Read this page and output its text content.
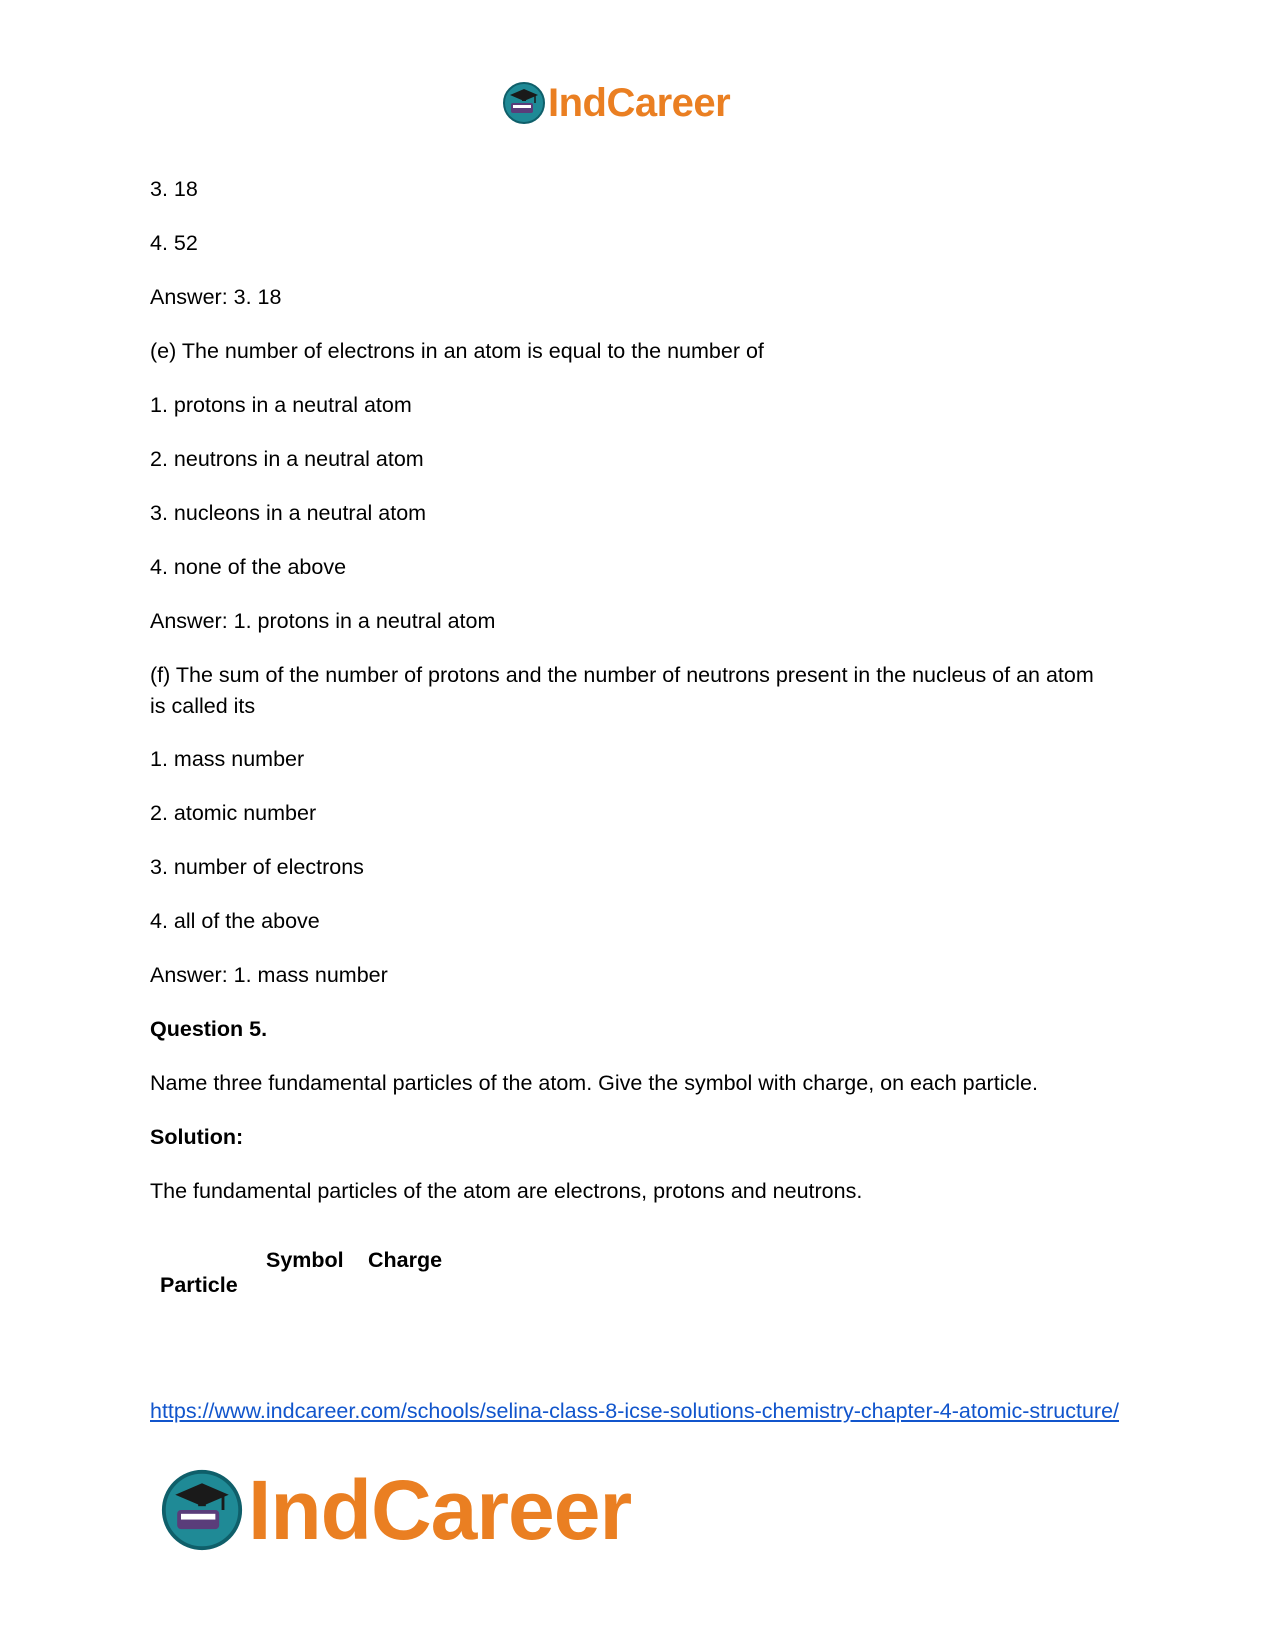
IndCareer
3. 18
4. 52
Answer: 3. 18
(e) The number of electrons in an atom is equal to the number of
1. protons in a neutral atom
2. neutrons in a neutral atom
3. nucleons in a neutral atom
4. none of the above
Answer: 1. protons in a neutral atom
(f) The sum of the number of protons and the number of neutrons present in the nucleus of an atom is called its
1. mass number
2. atomic number
3. number of electrons
4. all of the above
Answer: 1. mass number
Question 5.
Name three fundamental particles of the atom. Give the symbol with charge, on each particle.
Solution:
The fundamental particles of the atom are electrons, protons and neutrons.
Particle
Symbol Charge
https://www.indcareer.com/schools/selina-class-8-icse-solutions-chemistry-chapter-4-atomic-structure/
IndCareer
